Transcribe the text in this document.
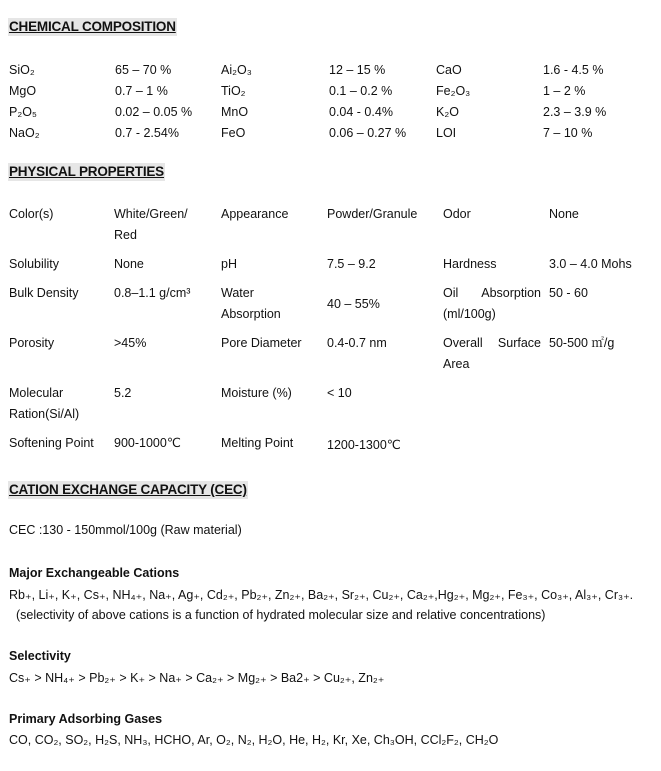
CHEMICAL COMPOSITION
SiO₂	65 – 70 %	Ai₂O₃	12 – 15 %	CaO	1.6 - 4.5 %
MgO	0.7 – 1 %	TiO₂	0.1 – 0.2 %	Fe₂O₃	1 – 2 %
P₂O₅	0.02 – 0.05 %	MnO	0.04 - 0.4%	K₂O	2.3 – 3.9 %
NaO₂	0.7 - 2.54%	FeO	0.06 – 0.27 %	LOI	7 – 10 %
PHYSICAL PROPERTIES
Color(s)	White/Green/ Red	Appearance	Powder/Granule	Odor	None
Solubility	None	pH	7.5 – 9.2	Hardness	3.0 – 4.0 Mohs
Bulk Density	0.8–1.1 g/cm³	Water Absorption	40 – 55%	Oil Absorption (ml/100g)	50 - 60
Porosity	>45%	Pore Diameter	0.4-0.7 nm	Overall Surface Area	50-500 ㎡/g
Molecular Ration(Si/Al)	5.2	Moisture (%)	< 10		
Softening Point	900-1000℃	Melting Point	1200-1300℃		
CATION EXCHANGE CAPACITY (CEC)
CEC :130 - 150mmol/100g (Raw material)
Major Exchangeable Cations
Rb₊, Li₊, K₊, Cs₊, NH₄₊, Na₊, Ag₊, Cd₂₊, Pb₂₊, Zn₂₊, Ba₂₊, Sr₂₊, Cu₂₊, Ca₂₊,Hg₂₊, Mg₂₊, Fe₃₊, Co₃₊, Al₃₊, Cr₃₊.
(selectivity of above cations is a function of hydrated molecular size and relative concentrations)
Selectivity
Cs₊ > NH₄₊ > Pb₂₊ > K₊ > Na₊ > Ca₂₊ > Mg₂₊ > Ba2₊ > Cu₂₊, Zn₂₊
Primary Adsorbing Gases
CO, CO₂, SO₂, H₂S, NH₃, HCHO, Ar, O₂, N₂, H₂O, He, H₂, Kr, Xe, Ch₃OH, CCl₂F₂, CH₂O
